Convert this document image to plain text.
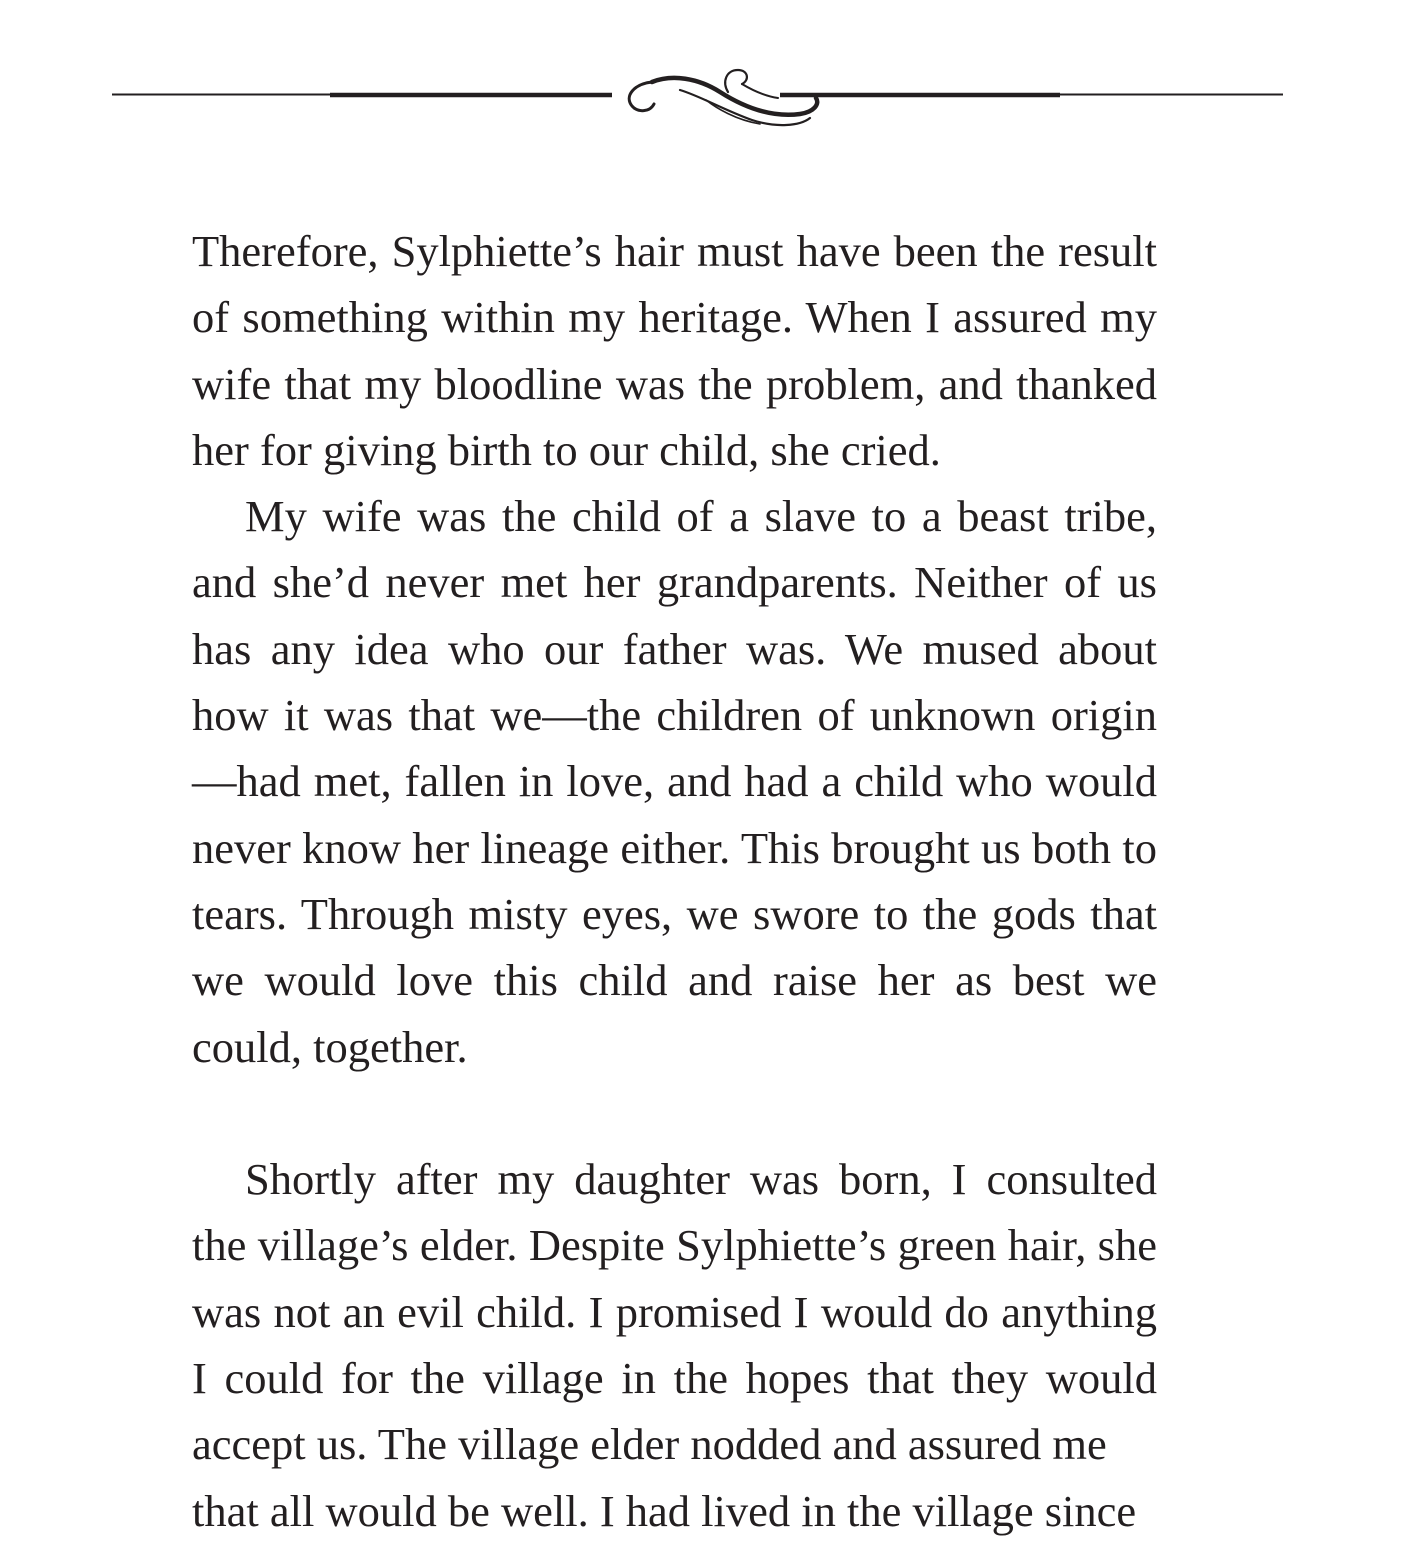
Therefore, Sylphiette’s hair must have been the result of something within my heritage. When I assured my wife that my bloodline was the problem, and thanked her for giving birth to our child, she cried.

My wife was the child of a slave to a beast tribe, and she’d never met her grandparents. Neither of us has any idea who our father was. We mused about how it was that we—the children of unknown origin—had met, fallen in love, and had a child who would never know her lineage either. This brought us both to tears. Through misty eyes, we swore to the gods that we would love this child and raise her as best we could, together.

Shortly after my daughter was born, I consulted the village’s elder. Despite Sylphiette’s green hair, she was not an evil child. I promised I would do anything I could for the village in the hopes that they would accept us. The village elder nodded and assured me

that all would be well. I had lived in the village since
